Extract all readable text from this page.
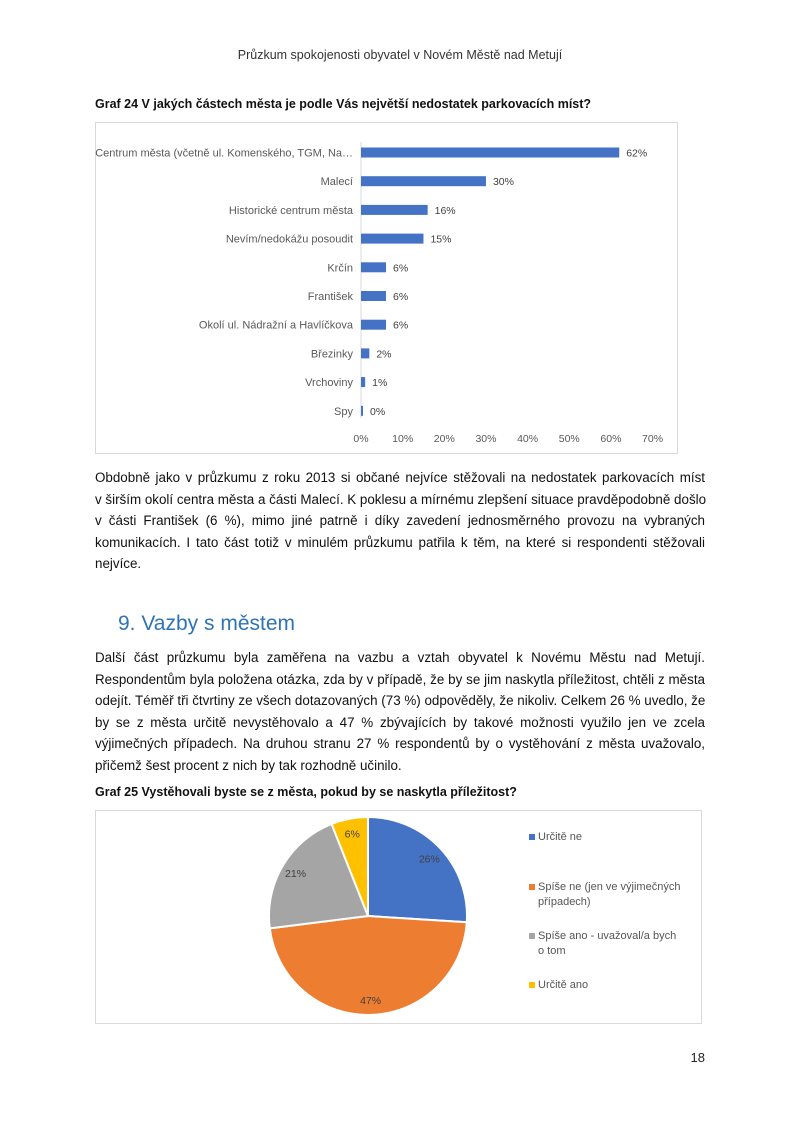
Průzkum spokojenosti obyvatel v Novém Městě nad Metují
Graf 24 V jakých částech města je podle Vás největší nedostatek parkovacích míst?
Centrum města (včetně ul. Komenského, TGM, Na…	62%
Malecí	30%
Historické centrum města	16%
Nevím/nedokážu posoudit	15%
Krčín	6%
František	6%
Okolí ul. Nádražní a Havlíčkova	6%
Březinky 2%
Vrchoviny 1%
Spy 0%
0% 10% 20% 30% 40% 50% 60% 70%
Obdobně jako v průzkumu z roku 2013 si občané nejvíce stěžovali na nedostatek parkovacích míst
v širším okolí centra města a části Malecí. K poklesu a mírnému zlepšení situace pravděpodobně došlo
v části František (6 %), mimo jiné patrně i díky zavedení jednosměrného provozu na vybraných
komunikacích. I tato část totiž v minulém průzkumu patřila k těm, na které si respondenti stěžovali
nejvíce.
9. Vazby s městem
Další část průzkumu byla zaměřena na vazbu a vztah obyvatel k Novému Městu nad Metují.
Respondentům byla položena otázka, zda by v případě, že by se jim naskytla příležitost, chtěli z města
odejít. Téměř tři čtvrtiny ze všech dotazovaných (73 %) odpověděly, že nikoliv. Celkem 26 % uvedlo, že
by se z města určitě nevystěhovalo a 47 % zbývajících by takové možnosti využilo jen ve zcela
výjimečných případech. Na druhou stranu 27 % respondentů by o vystěhování z města uvažovalo,
přičemž šest procent z nich by tak rozhodně učinilo.
Graf 25 Vystěhovali byste se z města, pokud by se naskytla příležitost?
26%
47%
21%
6%	Určitě ne
Spíše ne (jen ve výjimečných
případech)
Spíše ano - uvažoval/a bych
o tom
Určitě ano
18
